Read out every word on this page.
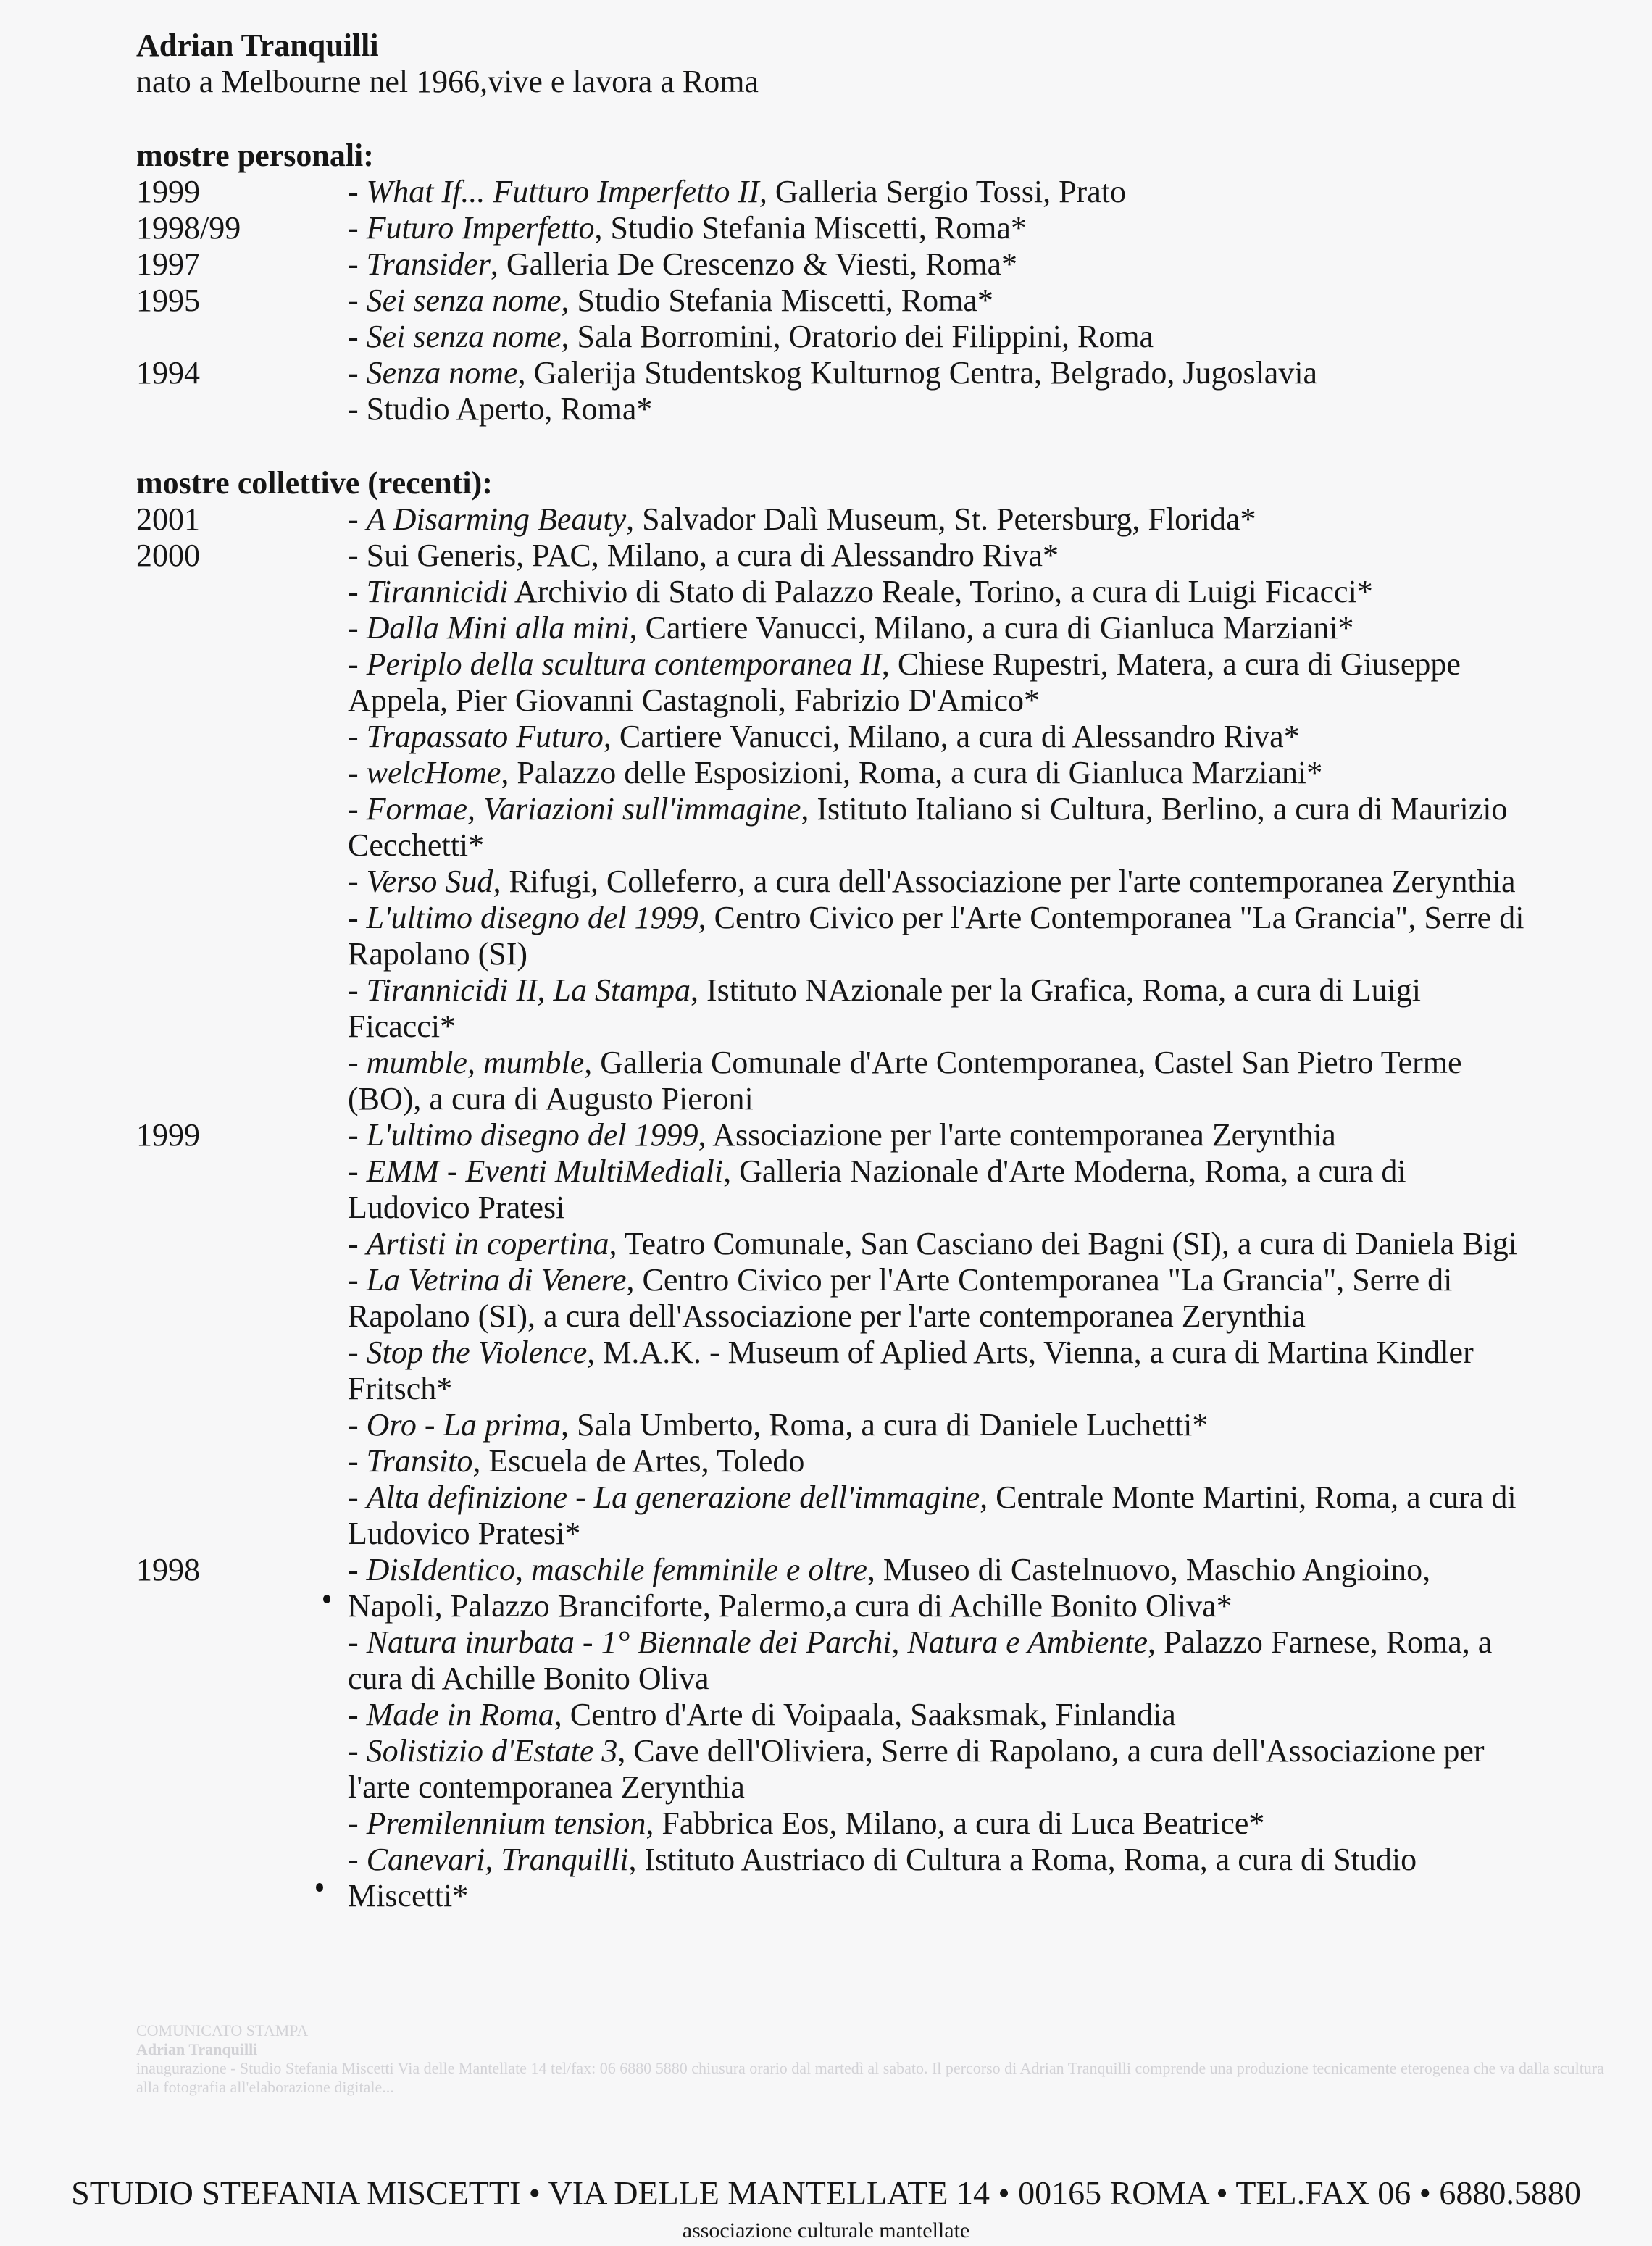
Adrian Tranquilli
nato a Melbourne nel 1966,vive e lavora a Roma
mostre personali:
1999	- What If... Futturo Imperfetto II, Galleria Sergio Tossi, Prato
1998/99	- Futuro Imperfetto, Studio Stefania Miscetti, Roma*
1997	- Transider, Galleria De Crescenzo & Viesti, Roma*
1995	- Sei senza nome, Studio Stefania Miscetti, Roma*
- Sei senza nome, Sala Borromini, Oratorio dei Filippini, Roma
1994	- Senza nome, Galerija Studentskog Kulturnog Centra, Belgrado, Jugoslavia
- Studio Aperto, Roma*
mostre collettive (recenti):
2001	- A Disarming Beauty, Salvador Dalì Museum, St. Petersburg, Florida*
2000	- Sui Generis, PAC, Milano, a cura di Alessandro Riva*
- Tirannicidi Archivio di Stato di Palazzo Reale, Torino, a cura di Luigi Ficacci*
- Dalla Mini alla mini, Cartiere Vanucci, Milano, a cura di Gianluca Marziani*
- Periplo della scultura contemporanea II, Chiese Rupestri, Matera, a cura di Giuseppe Appela, Pier Giovanni Castagnoli, Fabrizio D'Amico*
- Trapassato Futuro, Cartiere Vanucci, Milano, a cura di Alessandro Riva*
- welcHome, Palazzo delle Esposizioni, Roma, a cura di Gianluca Marziani*
- Formae, Variazioni sull'immagine, Istituto Italiano si Cultura, Berlino, a cura di Maurizio Cecchetti*
- Verso Sud, Rifugi, Colleferro, a cura dell'Associazione per l'arte contemporanea Zerynthia
- L'ultimo disegno del 1999, Centro Civico per l'Arte Contemporanea "La Grancia", Serre di Rapolano (SI)
- Tirannicidi II, La Stampa, Istituto NAzionale per la Grafica, Roma, a cura di Luigi Ficacci*
- mumble, mumble, Galleria Comunale d'Arte Contemporanea, Castel San Pietro Terme (BO), a cura di Augusto Pieroni
1999	- L'ultimo disegno del 1999, Associazione per l'arte contemporanea Zerynthia
- EMM - Eventi MultiMediali, Galleria Nazionale d'Arte Moderna, Roma, a cura di Ludovico Pratesi
- Artisti in copertina, Teatro Comunale, San Casciano dei Bagni (SI), a cura di Daniela Bigi
- La Vetrina di Venere, Centro Civico per l'Arte Contemporanea "La Grancia", Serre di Rapolano (SI), a cura dell'Associazione per l'arte contemporanea Zerynthia
- Stop the Violence, M.A.K. - Museum of Aplied Arts, Vienna, a cura di Martina Kindler Fritsch*
- Oro - La prima, Sala Umberto, Roma, a cura di Daniele Luchetti*
- Transito, Escuela de Artes, Toledo
- Alta definizione - La generazione dell'immagine, Centrale Monte Martini, Roma, a cura di Ludovico Pratesi*
1998	- DisIdentico, maschile femminile e oltre, Museo di Castelnuovo, Maschio Angioino, Napoli, Palazzo Branciforte, Palermo,a cura di Achille Bonito Oliva*
- Natura inurbata - 1° Biennale dei Parchi, Natura e Ambiente, Palazzo Farnese, Roma, a cura di Achille Bonito Oliva
- Made in Roma, Centro d'Arte di Voipaala, Saaksmak, Finlandia
- Solistizio d'Estate 3, Cave dell'Oliviera, Serre di Rapolano, a cura dell'Associazione per l'arte contemporanea Zerynthia
- Premilennium tension, Fabbrica Eos, Milano, a cura di Luca Beatrice*
- Canevari, Tranquilli, Istituto Austriaco di Cultura a Roma, Roma, a cura di Studio Miscetti*
COMUNICATO STAMPA
Adrian Tranquilli
inaugurazione - Studio Stefania Miscetti Via delle Mantellate 14 tel/fax: 06 6880 5880 chiusura orario dal martedì al sabato. Il percorso di Adrian Tranquilli comprende una produzione tecnicamente eterogenea che va dalla scultura alla fotografia all'elaborazione digitale...
STUDIO STEFANIA MISCETTI • VIA DELLE MANTELLATE 14 • 00165 ROMA • TEL.FAX 06 • 6880.5880
associazione culturale mantellate
